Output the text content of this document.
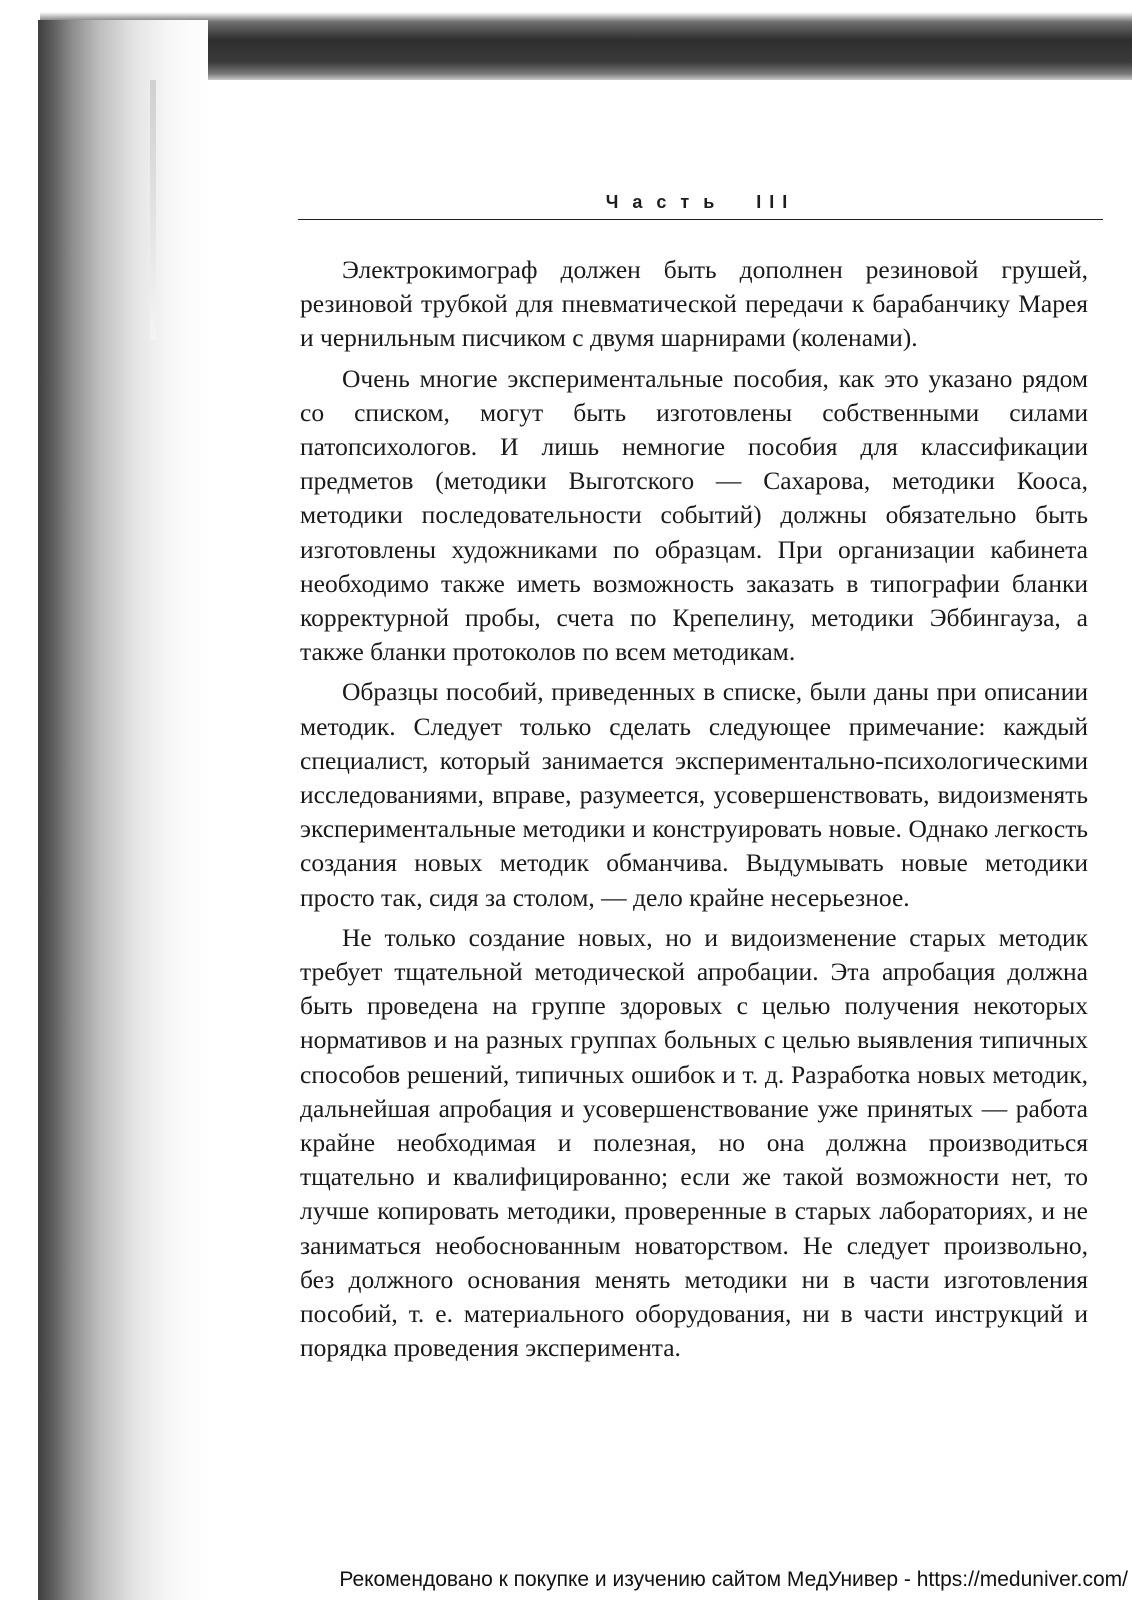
Часть III

Электрокимограф должен быть дополнен резиновой грушей, резиновой трубкой для пневматической передачи к барабанчику Марея и чернильным писчиком с двумя шарнирами (коленами).

Очень многие экспериментальные пособия, как это указано рядом со списком, могут быть изготовлены собственными силами патопсихологов. И лишь немногие пособия для классификации предметов (методики Выготского — Сахарова, методики Кооса, методики последовательности событий) должны обязательно быть изготовлены художниками по образцам. При организации кабинета необходимо также иметь возможность заказать в типографии бланки корректурной пробы, счета по Крепелину, методики Эббингауза, а также бланки протоколов по всем методикам.

Образцы пособий, приведенных в списке, были даны при описании методик. Следует только сделать следующее примечание: каждый специалист, который занимается экспериментально-психологическими исследованиями, вправе, разумеется, усовершенствовать, видоизменять экспериментальные методики и конструировать новые. Однако легкость создания новых методик обманчива. Выдумывать новые методики просто так, сидя за столом, — дело крайне несерьезное.

Не только создание новых, но и видоизменение старых методик требует тщательной методической апробации. Эта апробация должна быть проведена на группе здоровых с целью получения некоторых нормативов и на разных группах больных с целью выявления типичных способов решений, типичных ошибок и т. д. Разработка новых методик, дальнейшая апробация и усовершенствование уже принятых — работа крайне необходимая и полезная, но она должна производиться тщательно и квалифицированно; если же такой возможности нет, то лучше копировать методики, проверенные в старых лабораториях, и не заниматься необоснованным новаторством. Не следует произвольно, без должного основания менять методики ни в части изготовления пособий, т. е. материального оборудования, ни в части инструкций и порядка проведения эксперимента.

Рекомендовано к покупке и изучению сайтом МедУнивер - https://meduniver.com/
